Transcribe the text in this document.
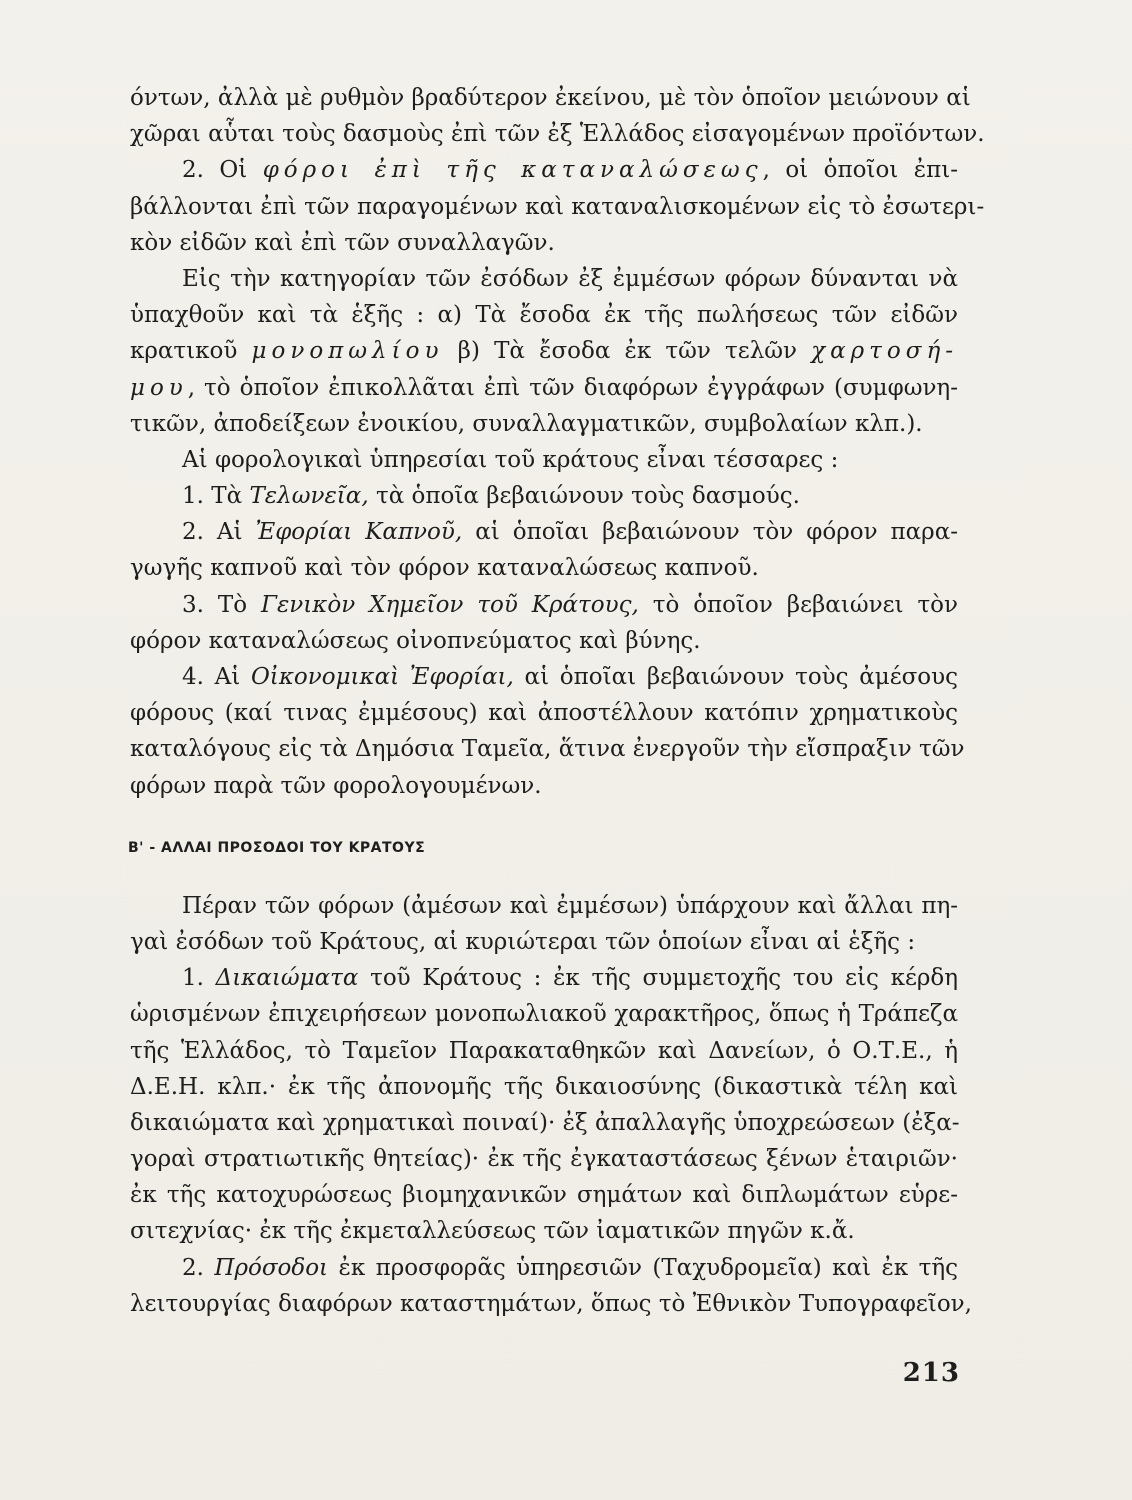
όντων, ἀλλὰ μὲ ρυθμὸν βραδύτερον ἐκείνου, μὲ τὸν ὁποῖον μειώνουν αἱ
χῶραι αὗται τοὺς δασμοὺς ἐπὶ τῶν ἐξ Ἑλλάδος εἰσαγομένων προϊόντων.
2. Οἱ φόροι ἐπὶ τῆς καταναλώσεως, οἱ ὁποῖοι ἐπι-
βάλλονται ἐπὶ τῶν παραγομένων καὶ καταναλισκομένων εἰς τὸ ἐσωτερι-
κὸν εἰδῶν καὶ ἐπὶ τῶν συναλλαγῶν.
Εἰς τὴν κατηγορίαν τῶν ἐσόδων ἐξ ἐμμέσων φόρων δύνανται νὰ
ὑπαχθοῦν καὶ τὰ ἑξῆς : α) Τὰ ἔσοδα ἐκ τῆς πωλήσεως τῶν εἰδῶν
κρατικοῦ μονοπωλίου β) Τὰ ἔσοδα ἐκ τῶν τελῶν χαρτοσή-
μου, τὸ ὁποῖον ἐπικολλᾶται ἐπὶ τῶν διαφόρων ἐγγράφων (συμφωνη-
τικῶν, ἀποδείξεων ἐνοικίου, συναλλαγματικῶν, συμβολαίων κλπ.).
Αἱ φορολογικαὶ ὑπηρεσίαι τοῦ κράτους εἶναι τέσσαρες :
1. Τὰ Τελωνεῖα, τὰ ὁποῖα βεβαιώνουν τοὺς δασμούς.
2. Αἱ Ἐφορίαι Καπνοῦ, αἱ ὁποῖαι βεβαιώνουν τὸν φόρον παρα-
γωγῆς καπνοῦ καὶ τὸν φόρον καταναλώσεως καπνοῦ.
3. Τὸ Γενικὸν Χημεῖον τοῦ Κράτους, τὸ ὁποῖον βεβαιώνει τὸν
φόρον καταναλώσεως οἰνοπνεύματος καὶ βύνης.
4. Αἱ Οἰκονομικαὶ Ἐφορίαι, αἱ ὁποῖαι βεβαιώνουν τοὺς ἀμέσους
φόρους (καί τινας ἐμμέσους) καὶ ἀποστέλλουν κατόπιν χρηματικοὺς
καταλόγους εἰς τὰ Δημόσια Ταμεῖα, ἅτινα ἐνεργοῦν τὴν εἴσπραξιν τῶν
φόρων παρὰ τῶν φορολογουμένων.
Β' - ΑΛΛΑΙ ΠΡΟΣΟΔΟΙ ΤΟΥ ΚΡΑΤΟΥΣ
Πέραν τῶν φόρων (ἀμέσων καὶ ἐμμέσων) ὑπάρχουν καὶ ἄλλαι πη-
γαὶ ἐσόδων τοῦ Κράτους, αἱ κυριώτεραι τῶν ὁποίων εἶναι αἱ ἑξῆς :
1. Δικαιώματα τοῦ Κράτους : ἐκ τῆς συμμετοχῆς του εἰς κέρδη
ὡρισμένων ἐπιχειρήσεων μονοπωλιακοῦ χαρακτῆρος, ὅπως ἡ Τράπεζα
τῆς Ἑλλάδος, τὸ Ταμεῖον Παρακαταθηκῶν καὶ Δανείων, ὁ Ο.Τ.Ε., ἡ
Δ.Ε.Η. κλπ.· ἐκ τῆς ἀπονομῆς τῆς δικαιοσύνης (δικαστικὰ τέλη καὶ
δικαιώματα καὶ χρηματικαὶ ποιναί)· ἐξ ἀπαλλαγῆς ὑποχρεώσεων (ἐξα-
γοραὶ στρατιωτικῆς θητείας)· ἐκ τῆς ἐγκαταστάσεως ξένων ἑταιριῶν·
ἐκ τῆς κατοχυρώσεως βιομηχανικῶν σημάτων καὶ διπλωμάτων εὑρε-
σιτεχνίας· ἐκ τῆς ἐκμεταλλεύσεως τῶν ἰαματικῶν πηγῶν κ.ἄ.
2. Πρόσοδοι ἐκ προσφορᾶς ὑπηρεσιῶν (Ταχυδρομεῖα) καὶ ἐκ τῆς
λειτουργίας διαφόρων καταστημάτων, ὅπως τὸ Ἐθνικὸν Τυπογραφεῖον,
213
